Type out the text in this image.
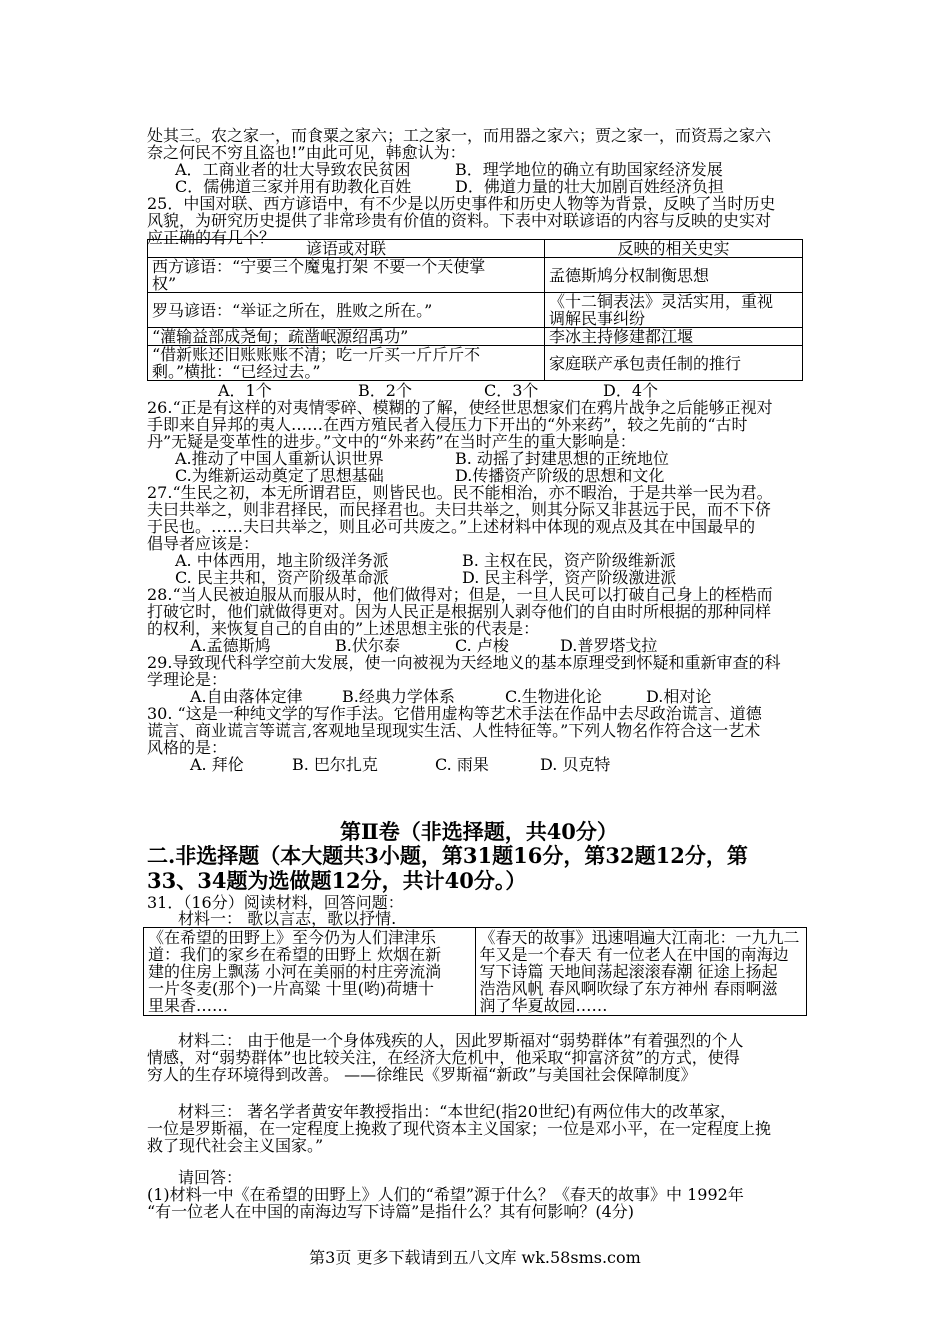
处其三。农之家一，而食粟之家六；工之家一，而用器之家六；贾之家一，而资焉之家六
奈之何民不穷且盗也!”由此可见，韩愈认为：
A．工商业者的壮大导致农民贫困	B．理学地位的确立有助国家经济发展
C．儒佛道三家并用有助教化百姓	D．佛道力量的壮大加剧百姓经济负担
25．中国对联、西方谚语中，有不少是以历史事件和历史人物等为背景，反映了当时历史
风貌，为研究历史提供了非常珍贵有价值的资料。下表中对联谚语的内容与反映的史实对
应正确的有几个？
谚语或对联	反映的相关史实
西方谚语：“宁要三个魔鬼打架 不要一个天使掌
权”	孟德斯鸠分权制衡思想
罗马谚语：“举证之所在，胜败之所在。”	《十二铜表法》灵活实用，重视
调解民事纠纷
“灌输益部成尧甸；疏凿岷源绍禹功”	李冰主持修建都江堰
“借新账还旧账账账不清；吃一斤买一斤斤斤不
剩。”横批：“已经过去。”	家庭联产承包责任制的推行
A．1个	B．2个	C．3个	D．4个
26.“正是有这样的对夷情零碎、模糊的了解，使经世思想家们在鸦片战争之后能够正视对
手即来自异邦的夷人……在西方殖民者入侵压力下开出的“外来药”，较之先前的“古时
丹”无疑是变革性的进步。”文中的“外来药”在当时产生的重大影响是：
A.推动了中国人重新认识世界	B. 动摇了封建思想的正统地位
C.为维新运动奠定了思想基础	D.传播资产阶级的思想和文化
27.“生民之初，本无所谓君臣，则皆民也。民不能相治，亦不暇治，于是共举一民为君。
夫曰共举之，则非君择民，而民择君也。夫曰共举之，则其分际又非甚远于民，而不下侪
于民也。……夫曰共举之，则且必可共废之。”上述材料中体现的观点及其在中国最早的
倡导者应该是：
A. 中体西用，地主阶级洋务派	B. 主权在民，资产阶级维新派
C. 民主共和，资产阶级革命派	D. 民主科学，资产阶级激进派
28.“当人民被迫服从而服从时，他们做得对；但是，一旦人民可以打破自己身上的桎梏而
打破它时，他们就做得更对。因为人民正是根据别人剥夺他们的自由时所根据的那种同样
的权利，来恢复自己的自由的”上述思想主张的代表是：
A.孟德斯鸠	B.伏尔泰	C. 卢梭	D.普罗塔戈拉
29.导致现代科学空前大发展，使一向被视为天经地义的基本原理受到怀疑和重新审查的科
学理论是：
A.自由落体定律 B.经典力学体系	C.生物进化论	D.相对论
30. “这是一种纯文学的写作手法。它借用虚构等艺术手法在作品中去尽政治谎言、道德
谎言、商业谎言等谎言,客观地呈现现实生活、人性特征等。”下列人物名作符合这一艺术
风格的是：
A. 拜伦	B. 巴尔扎克	C. 雨果	D. 贝克特
第Ⅱ卷（非选择题，共40分）
二.非选择题（本大题共3小题，第31题16分，第32题12分，第
33、34题为选做题12分，共计40分。）
31．（16分）阅读材料，回答问题：
材料一： 歌以言志，歌以抒情.
《在希望的田野上》至今仍为人们津津乐
道：我们的家乡在希望的田野上 炊烟在新
建的住房上飘荡 小河在美丽的村庄旁流淌
一片冬麦(那个)一片高粱 十里(哟)荷塘十
里果香……	《春天的故事》迅速唱遍大江南北：一九九二
年又是一个春天 有一位老人在中国的南海边
写下诗篇 天地间荡起滚滚春潮 征途上扬起
浩浩风帆 春风啊吹绿了东方神州 春雨啊滋
润了华夏故园……
材料二： 由于他是一个身体残疾的人，因此罗斯福对“弱势群体”有着强烈的个人
情感，对“弱势群体”也比较关注，在经济大危机中，他采取“抑富济贫”的方式，使得
穷人的生存环境得到改善。 ——徐维民《罗斯福“新政”与美国社会保障制度》
材料三： 著名学者黄安年教授指出：“本世纪(指20世纪)有两位伟大的改革家，
一位是罗斯福，在一定程度上挽救了现代资本主义国家；一位是邓小平，在一定程度上挽
救了现代社会主义国家。”
请回答：
(1)材料一中《在希望的田野上》人们的“希望”源于什么？《春天的故事》中 1992年
“有一位老人在中国的南海边写下诗篇”是指什么？其有何影响？(4分)
第3页 更多下载请到五八文库 wk.58sms.com
